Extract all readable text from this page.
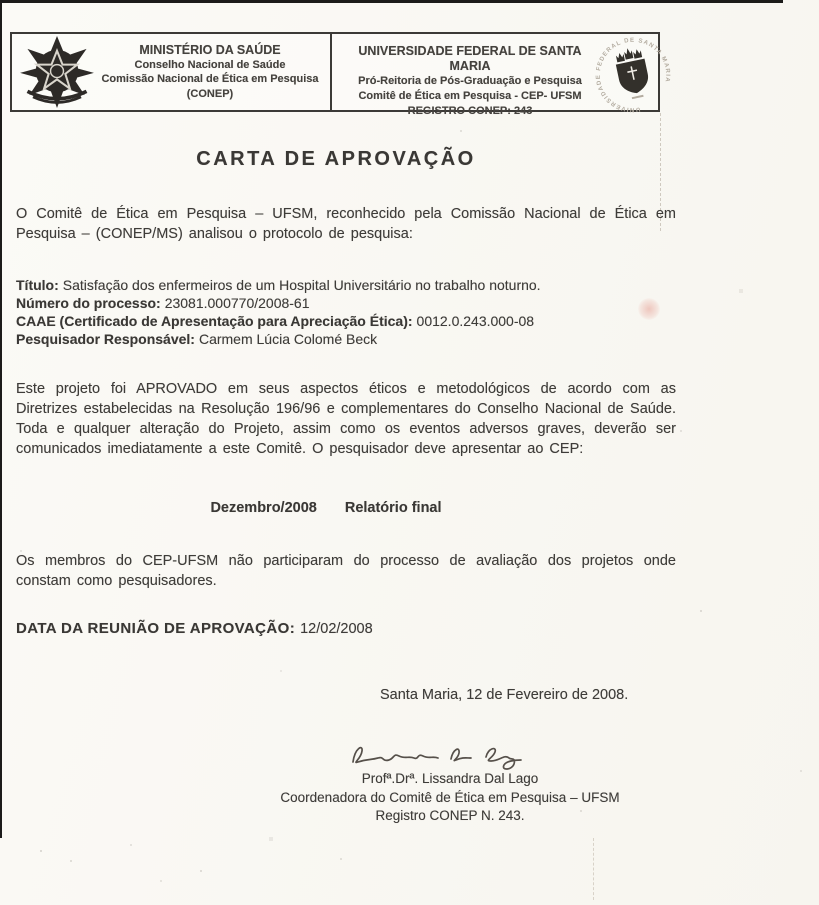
MINISTÉRIO DA SAÚDE
Conselho Nacional de Saúde
Comissão Nacional de Ética em Pesquisa
(CONEP)
UNIVERSIDADE FEDERAL DE SANTA MARIA
Pró-Reitoria de Pós-Graduação e Pesquisa
Comitê de Ética em Pesquisa - CEP- UFSM
REGISTRO CONEP: 243	UNIVERSIDADE FEDERAL DE SANTA MARIA
CARTA DE APROVAÇÃO
O Comitê de Ética em Pesquisa – UFSM, reconhecido pela Comissão Nacional de Ética em Pesquisa – (CONEP/MS) analisou o protocolo de pesquisa:
Título: Satisfação dos enfermeiros de um Hospital Universitário no trabalho noturno.
Número do processo: 23081.000770/2008-61
CAAE (Certificado de Apresentação para Apreciação Ética): 0012.0.243.000-08
Pesquisador Responsável: Carmem Lúcia Colomé Beck
Este projeto foi APROVADO em seus aspectos éticos e metodológicos de acordo com as Diretrizes estabelecidas na Resolução 196/96 e complementares do Conselho Nacional de Saúde. Toda e qualquer alteração do Projeto, assim como os eventos adversos graves, deverão ser comunicados imediatamente a este Comitê. O pesquisador deve apresentar ao CEP:
Dezembro/2008 Relatório final
Os membros do CEP-UFSM não participaram do processo de avaliação dos projetos onde constam como pesquisadores.
DATA DA REUNIÃO DE APROVAÇÃO: 12/02/2008
Santa Maria, 12 de Fevereiro de 2008.
Profª.Drª. Lissandra Dal Lago
Coordenadora do Comitê de Ética em Pesquisa – UFSM
Registro CONEP N. 243.
